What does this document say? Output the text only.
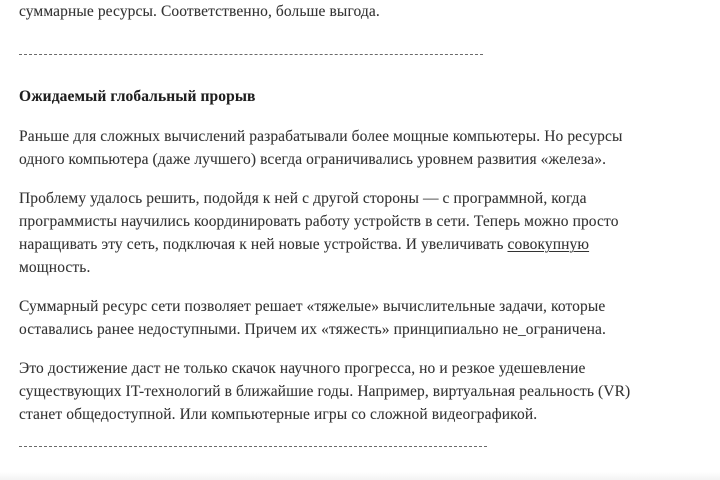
суммарные ресурсы. Соответственно, больше выгода.
Ожидаемый глобальный прорыв
Раньше для сложных вычислений разрабатывали более мощные компьютеры. Но ресурсы
одного компьютера (даже лучшего) всегда ограничивались уровнем развития «железа».
Проблему удалось решить, подойдя к ней с другой стороны — с программной, когда
программисты научились координировать работу устройств в сети. Теперь можно просто
наращивать эту сеть, подключая к ней новые устройства. И увеличивать совокупную
мощность.
Суммарный ресурс сети позволяет решает «тяжелые» вычислительные задачи, которые
оставались ранее недоступными. Причем их «тяжесть» принципиально не_ограничена.
Это достижение даст не только скачок научного прогресса, но и резкое удешевление
существующих IT-технологий в ближайшие годы. Например, виртуальная реальность (VR)
станет общедоступной. Или компьютерные игры со сложной видеографикой.
